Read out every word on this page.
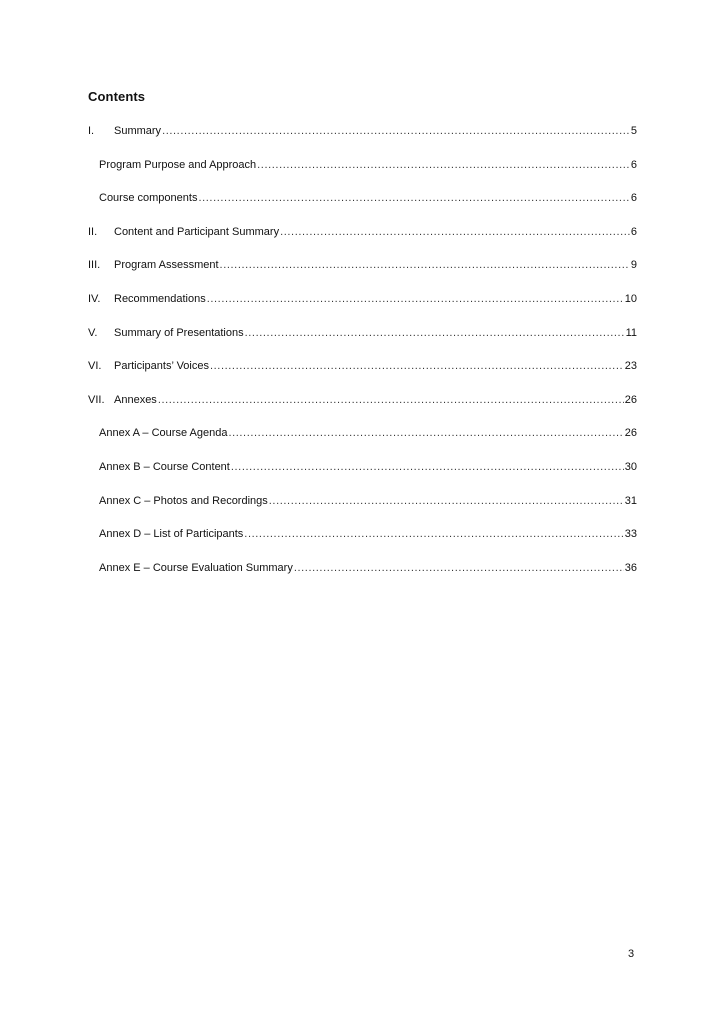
Contents
I.	Summary .....	5
Program Purpose and Approach .....	6
Course components .....	6
II.	Content and Participant Summary .....	6
III.	Program Assessment .....	9
IV.	Recommendations .....	10
V.	Summary of Presentations .....	11
VI.	Participants’ Voices .....	23
VII. Annexes .....	26
Annex A – Course Agenda .....	26
Annex B – Course Content .....	30
Annex C – Photos and Recordings .....	31
Annex D – List of Participants .....	33
Annex E – Course Evaluation Summary .....	36
3
